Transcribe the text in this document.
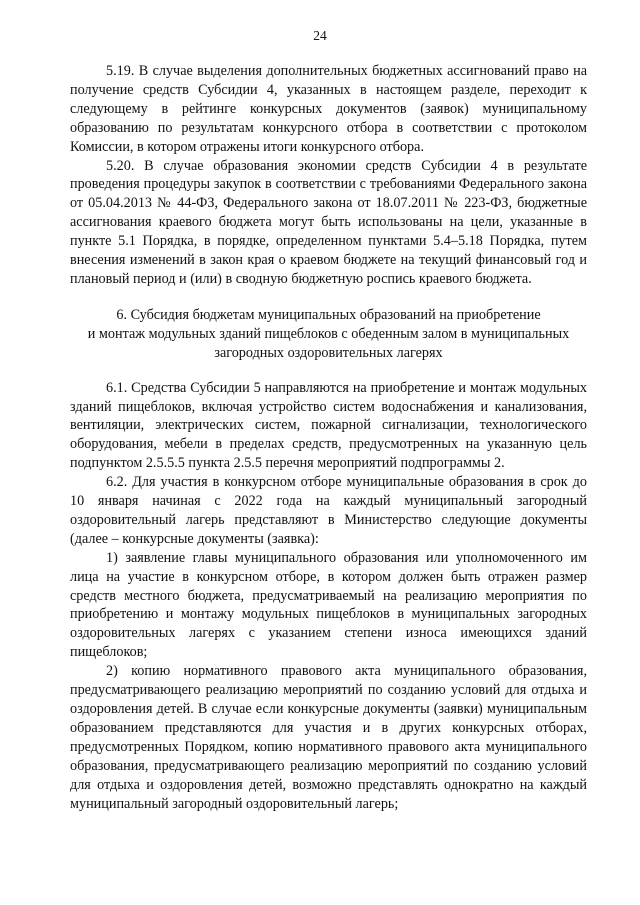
24

5.19. В случае выделения дополнительных бюджетных ассигнований право на получение средств Субсидии 4, указанных в настоящем разделе, переходит к следующему в рейтинге конкурсных документов (заявок) муниципальному образованию по результатам конкурсного отбора в соответствии с протоколом Комиссии, в котором отражены итоги конкурсного отбора.

5.20. В случае образования экономии средств Субсидии 4 в результате проведения процедуры закупок в соответствии с требованиями Федерального закона от 05.04.2013 № 44-ФЗ, Федерального закона от 18.07.2011 № 223-ФЗ, бюджетные ассигнования краевого бюджета могут быть использованы на цели, указанные в пункте 5.1 Порядка, в порядке, определенном пунктами 5.4–5.18 Порядка, путем внесения изменений в закон края о краевом бюджете на текущий финансовый год и плановый период и (или) в сводную бюджетную роспись краевого бюджета.

6. Субсидия бюджетам муниципальных образований на приобретение
и монтаж модульных зданий пищеблоков с обеденным залом в муниципальных
загородных оздоровительных лагерях

6.1. Средства Субсидии 5 направляются на приобретение и монтаж модульных зданий пищеблоков, включая устройство систем водоснабжения и канализования, вентиляции, электрических систем, пожарной сигнализации, технологического оборудования, мебели в пределах средств, предусмотренных на указанную цель подпунктом 2.5.5.5 пункта 2.5.5 перечня мероприятий подпрограммы 2.

6.2. Для участия в конкурсном отборе муниципальные образования в срок до 10 января начиная с 2022 года на каждый муниципальный загородный оздоровительный лагерь представляют в Министерство следующие документы (далее – конкурсные документы (заявка):

1) заявление главы муниципального образования или уполномоченного им лица на участие в конкурсном отборе, в котором должен быть отражен размер средств местного бюджета, предусматриваемый на реализацию мероприятия по приобретению и монтажу модульных пищеблоков в муниципальных загородных оздоровительных лагерях с указанием степени износа имеющихся зданий пищеблоков;

2) копию нормативного правового акта муниципального образования, предусматривающего реализацию мероприятий по созданию условий для отдыха и оздоровления детей. В случае если конкурсные документы (заявки) муниципальным образованием представляются для участия и в других конкурсных отборах, предусмотренных Порядком, копию нормативного правового акта муниципального образования, предусматривающего реализацию мероприятий по созданию условий для отдыха и оздоровления детей, возможно представлять однократно на каждый муниципальный загородный оздоровительный лагерь;
